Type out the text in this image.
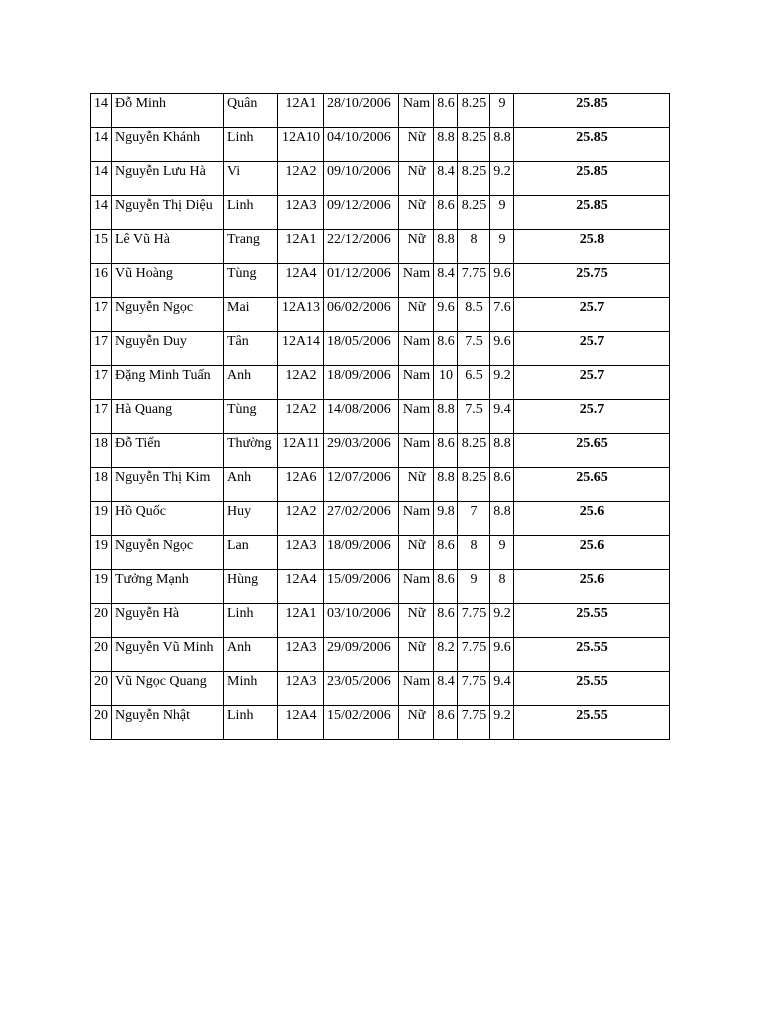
14	Đỗ Minh	Quân	12A1	28/10/2006	Nam	8.6	8.25	9	25.85
14	Nguyễn Khánh	Linh	12A10	04/10/2006	Nữ	8.8	8.25	8.8	25.85
14	Nguyễn Lưu Hà	Vi	12A2	09/10/2006	Nữ	8.4	8.25	9.2	25.85
14	Nguyễn Thị Diệu	Linh	12A3	09/12/2006	Nữ	8.6	8.25	9	25.85
15	Lê Vũ Hà	Trang	12A1	22/12/2006	Nữ	8.8	8	9	25.8
16	Vũ Hoàng	Tùng	12A4	01/12/2006	Nam	8.4	7.75	9.6	25.75
17	Nguyễn Ngọc	Mai	12A13	06/02/2006	Nữ	9.6	8.5	7.6	25.7
17	Nguyễn Duy	Tân	12A14	18/05/2006	Nam	8.6	7.5	9.6	25.7
17	Đặng Minh Tuấn	Anh	12A2	18/09/2006	Nam	10	6.5	9.2	25.7
17	Hà Quang	Tùng	12A2	14/08/2006	Nam	8.8	7.5	9.4	25.7
18	Đỗ Tiến	Thường	12A11	29/03/2006	Nam	8.6	8.25	8.8	25.65
18	Nguyễn Thị Kim	Anh	12A6	12/07/2006	Nữ	8.8	8.25	8.6	25.65
19	Hồ Quốc	Huy	12A2	27/02/2006	Nam	9.8	7	8.8	25.6
19	Nguyễn Ngọc	Lan	12A3	18/09/2006	Nữ	8.6	8	9	25.6
19	Tưởng Mạnh	Hùng	12A4	15/09/2006	Nam	8.6	9	8	25.6
20	Nguyễn Hà	Linh	12A1	03/10/2006	Nữ	8.6	7.75	9.2	25.55
20	Nguyễn Vũ Minh	Anh	12A3	29/09/2006	Nữ	8.2	7.75	9.6	25.55
20	Vũ Ngọc Quang	Minh	12A3	23/05/2006	Nam	8.4	7.75	9.4	25.55
20	Nguyễn Nhật	Linh	12A4	15/02/2006	Nữ	8.6	7.75	9.2	25.55
